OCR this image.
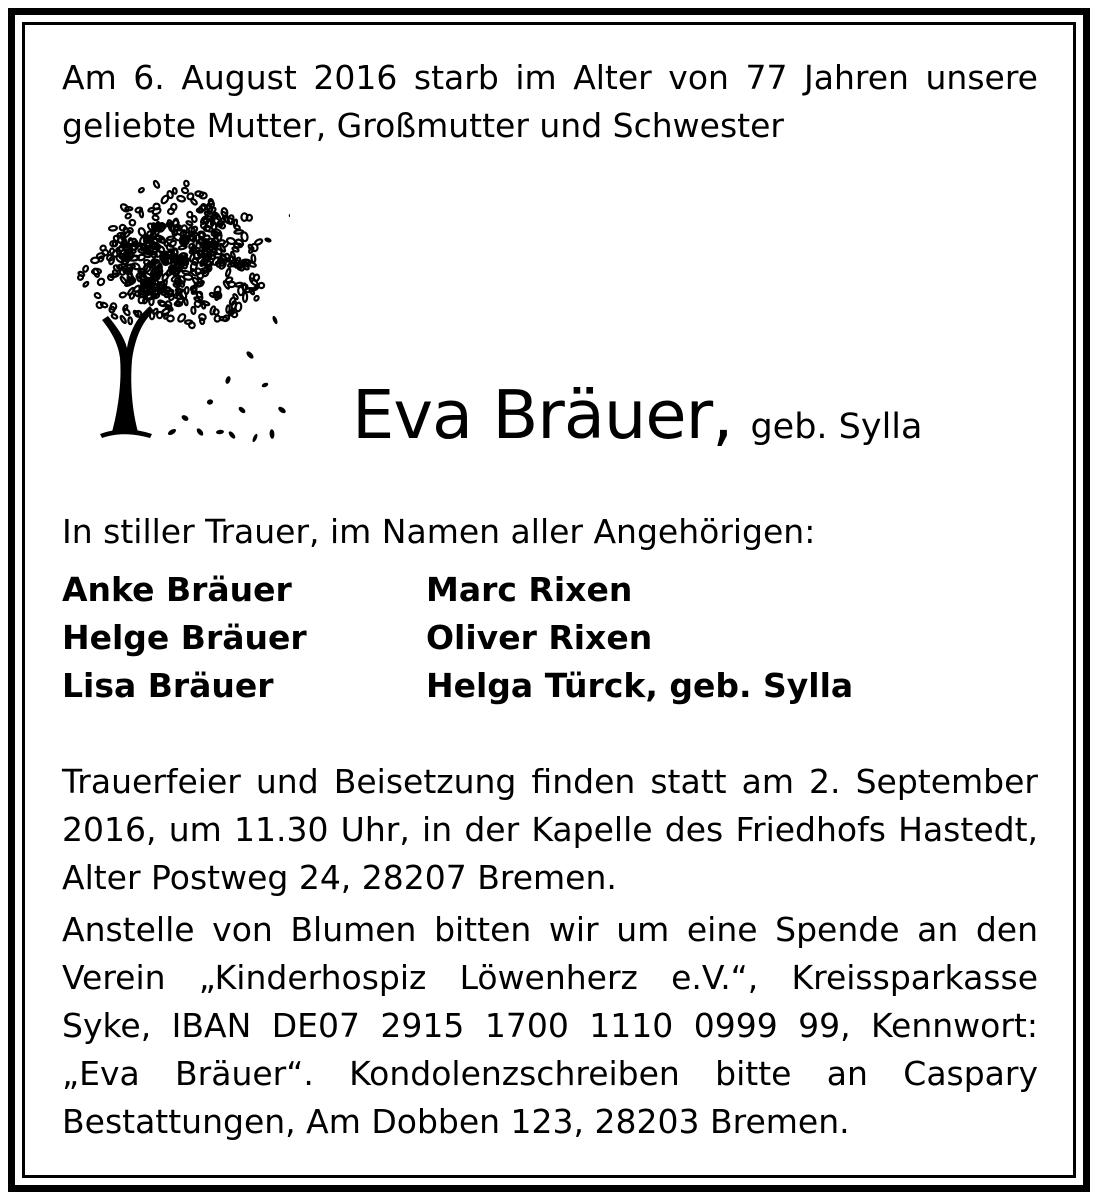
Am 6. August 2016 starb im Alter von 77 Jahren unsere geliebte Mutter, Großmutter und Schwester

Eva Bräuer, geb. Sylla

In stiller Trauer, im Namen aller Angehörigen:

Anke Bräuer
Helge Bräuer
Lisa Bräuer
Marc Rixen
Oliver Rixen
Helga Türck, geb. Sylla

Trauerfeier und Beisetzung finden statt am 2. September 2016, um 11.30 Uhr, in der Kapelle des Friedhofs Hastedt, Alter Postweg 24, 28207 Bremen.

Anstelle von Blumen bitten wir um eine Spende an den Verein „Kinderhospiz Löwenherz e.V.“, Kreissparkasse Syke, IBAN DE07 2915 1700 1110 0999 99, Kennwort: „Eva Bräuer“. Kondolenzschreiben bitte an Caspary Bestattungen, Am Dobben 123, 28203 Bremen.
